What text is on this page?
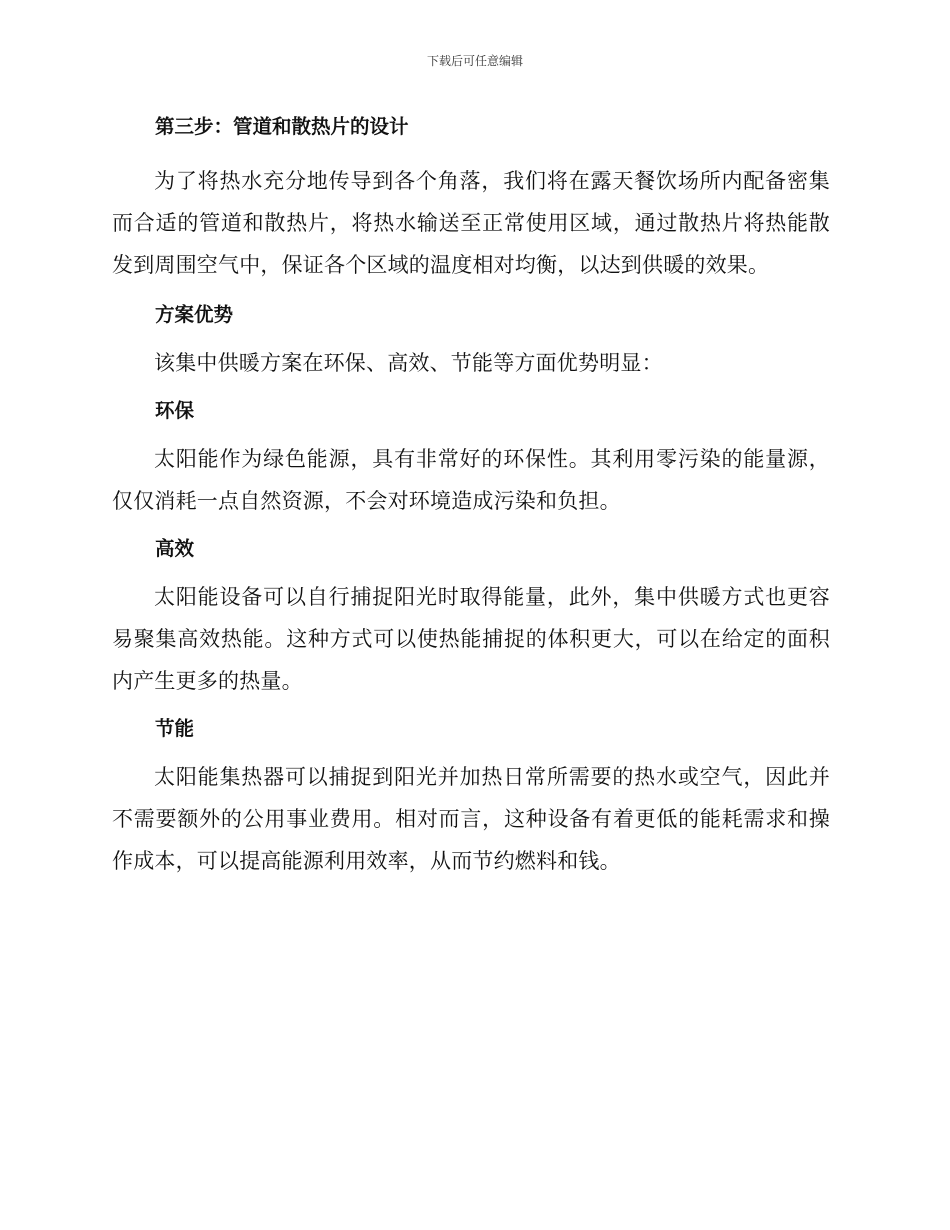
下载后可任意编辑

第三步：管道和散热片的设计

为了将热水充分地传导到各个角落，我们将在露天餐饮场所内配备密集而合适的管道和散热片，将热水输送至正常使用区域，通过散热片将热能散发到周围空气中，保证各个区域的温度相对均衡，以达到供暖的效果。

方案优势

该集中供暖方案在环保、高效、节能等方面优势明显：

环保

太阳能作为绿色能源，具有非常好的环保性。其利用零污染的能量源，仅仅消耗一点自然资源，不会对环境造成污染和负担。

高效

太阳能设备可以自行捕捉阳光时取得能量，此外，集中供暖方式也更容易聚集高效热能。这种方式可以使热能捕捉的体积更大，可以在给定的面积内产生更多的热量。

节能

太阳能集热器可以捕捉到阳光并加热日常所需要的热水或空气，因此并不需要额外的公用事业费用。相对而言，这种设备有着更低的能耗需求和操作成本，可以提高能源利用效率，从而节约燃料和钱。
